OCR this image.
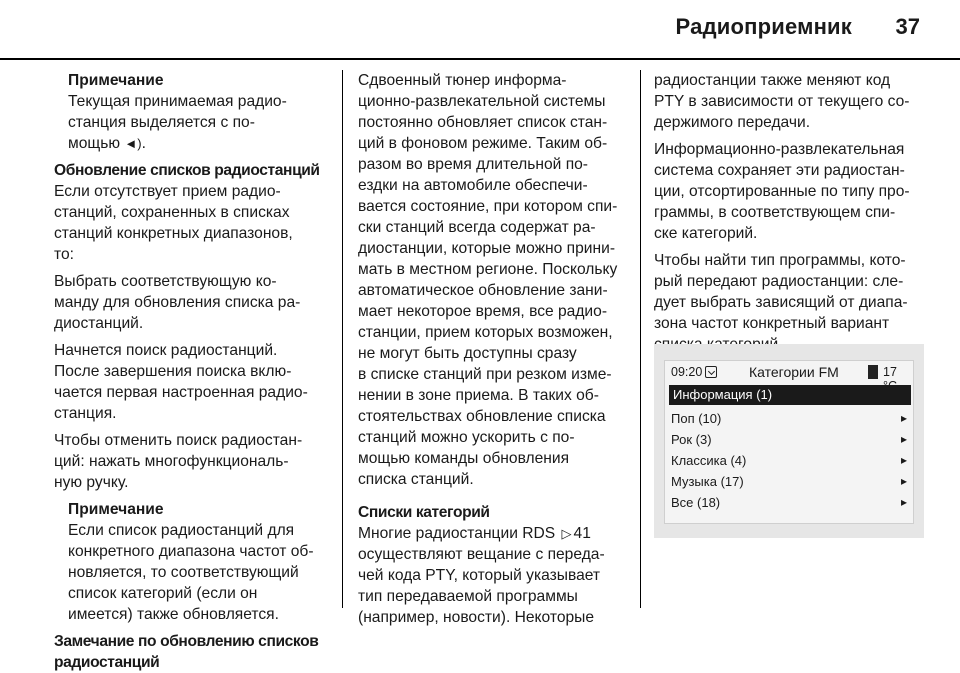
Радиоприемник 37
Примечание
Текущая принимаемая радио-
станция выделяется с по-
мощью ◄).
Обновление списков радиостанций
Если отсутствует прием радио-
станций, сохраненных в списках
станций конкретных диапазонов,
то:
Выбрать соответствующую ко-
манду для обновления списка ра-
диостанций.
Начнется поиск радиостанций.
После завершения поиска вклю-
чается первая настроенная радио-
станция.
Чтобы отменить поиск радиостан-
ций: нажать многофункциональ-
ную ручку.
Примечание
Если список радиостанций для
конкретного диапазона частот об-
новляется, то соответствующий
список категорий (если он
имеется) также обновляется.
Замечание по обновлению списков
радиостанций
Сдвоенный тюнер информа-
ционно-развлекательной системы
постоянно обновляет список стан-
ций в фоновом режиме. Таким об-
разом во время длительной по-
ездки на автомобиле обеспечи-
вается состояние, при котором спи-
ски станций всегда содержат ра-
диостанции, которые можно прини-
мать в местном регионе. Поскольку
автоматическое обновление зани-
мает некоторое время, все радио-
станции, прием которых возможен,
не могут быть доступны сразу
в списке станций при резком изме-
нении в зоне приема. В таких об-
стоятельствах обновление списка
станций можно ускорить с по-
мощью команды обновления
списка станций.
Списки категорий
Многие радиостанции RDS ▷ 41
осуществляют вещание с переда-
чей кода PTY, который указывает
тип передаваемой программы
(например, новости). Некоторые
радиостанции также меняют код
PTY в зависимости от текущего со-
держимого передачи.
Информационно-развлекательная
система сохраняет эти радиостан-
ции, отсортированные по типу про-
граммы, в соответствующем спи-
ске категорий.
Чтобы найти тип программы, кото-
рый передают радиостанции: сле-
дует выбрать зависящий от диапа-
зона частот конкретный вариант
09:20	Категории FM	17
Информация (1)
Поп (10)	▸
Рок (3)	▸
Классика (4)	▸
Музыка (17)	▸
Все (18)	▸
